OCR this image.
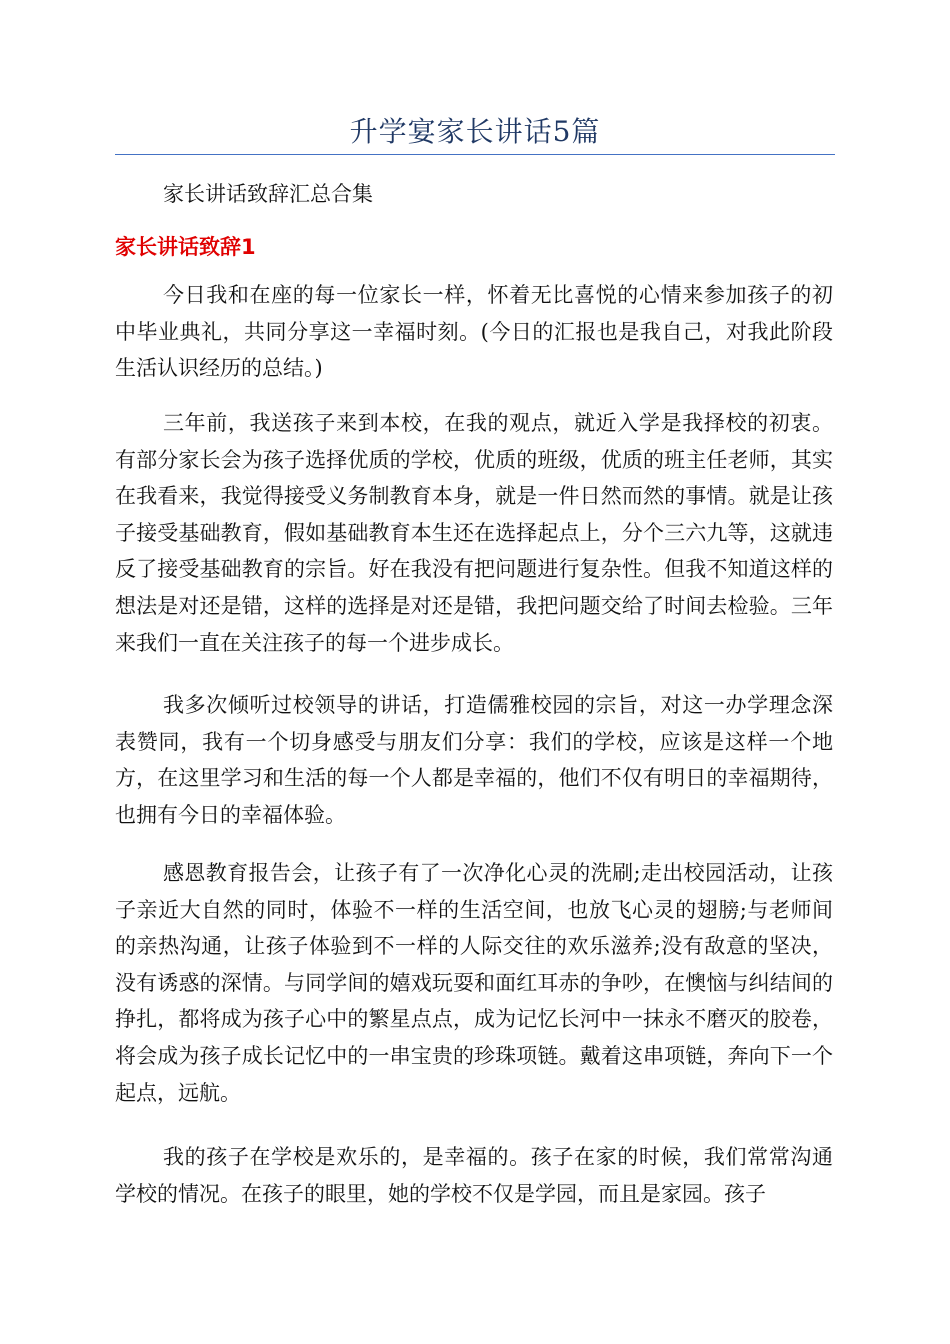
升学宴家长讲话5篇
家长讲话致辞汇总合集
家长讲话致辞1

今日我和在座的每一位家长一样，怀着无比喜悦的心情来参加孩子的初中毕业典礼，共同分享这一幸福时刻。(今日的汇报也是我自己，对我此阶段生活认识经历的总结。)

三年前，我送孩子来到本校，在我的观点，就近入学是我择校的初衷。有部分家长会为孩子选择优质的学校，优质的班级，优质的班主任老师，其实在我看来，我觉得接受义务制教育本身，就是一件日然而然的事情。就是让孩子接受基础教育，假如基础教育本生还在选择起点上，分个三六九等，这就违反了接受基础教育的宗旨。好在我没有把问题进行复杂性。但我不知道这样的想法是对还是错，这样的选择是对还是错，我把问题交给了时间去检验。三年来我们一直在关注孩子的每一个进步成长。

我多次倾听过校领导的讲话，打造儒雅校园的宗旨，对这一办学理念深表赞同，我有一个切身感受与朋友们分享：我们的学校，应该是这样一个地方，在这里学习和生活的每一个人都是幸福的，他们不仅有明日的幸福期待，也拥有今日的幸福体验。

感恩教育报告会，让孩子有了一次净化心灵的洗刷;走出校园活动，让孩子亲近大自然的同时，体验不一样的生活空间，也放飞心灵的翅膀;与老师间的亲热沟通，让孩子体验到不一样的人际交往的欢乐滋养;没有敌意的坚决，没有诱惑的深情。与同学间的嬉戏玩耍和面红耳赤的争吵，在懊恼与纠结间的挣扎，都将成为孩子心中的繁星点点，成为记忆长河中一抹永不磨灭的胶卷，将会成为孩子成长记忆中的一串宝贵的珍珠项链。戴着这串项链，奔向下一个起点，远航。

我的孩子在学校是欢乐的，是幸福的。孩子在家的时候，我们常常沟通学校的情况。在孩子的眼里，她的学校不仅是学园，而且是家园。孩子
